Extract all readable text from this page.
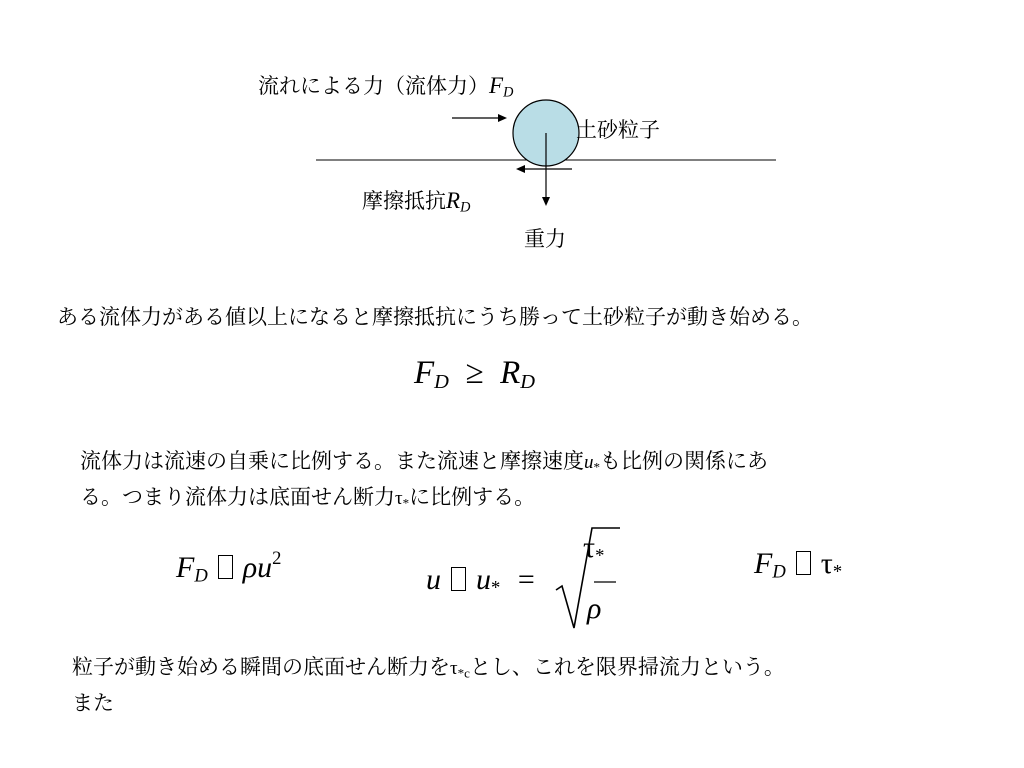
流れによる力（流体力）$F_D$
土砂粒子
摩擦抵抗$R_D$
重力
ある流体力がある値以上になると摩擦抵抗にうち勝って土砂粒子が動き始める。
$F_D \ge R_D$
流体力は流速の自乗に比例する。また流速と摩擦速度$u_*$も比例の関係にあ
る。つまり流体力は底面せん断力$\tau_*$に比例する。
$F_D$ $\rho u^2$
u $u_*$ =
$\tau_*$
ρ
$F_D$ $\tau_*$
粒子が動き始める瞬間の底面せん断力を$\tau_{*c}$とし、これを限界掃流力という。
また
